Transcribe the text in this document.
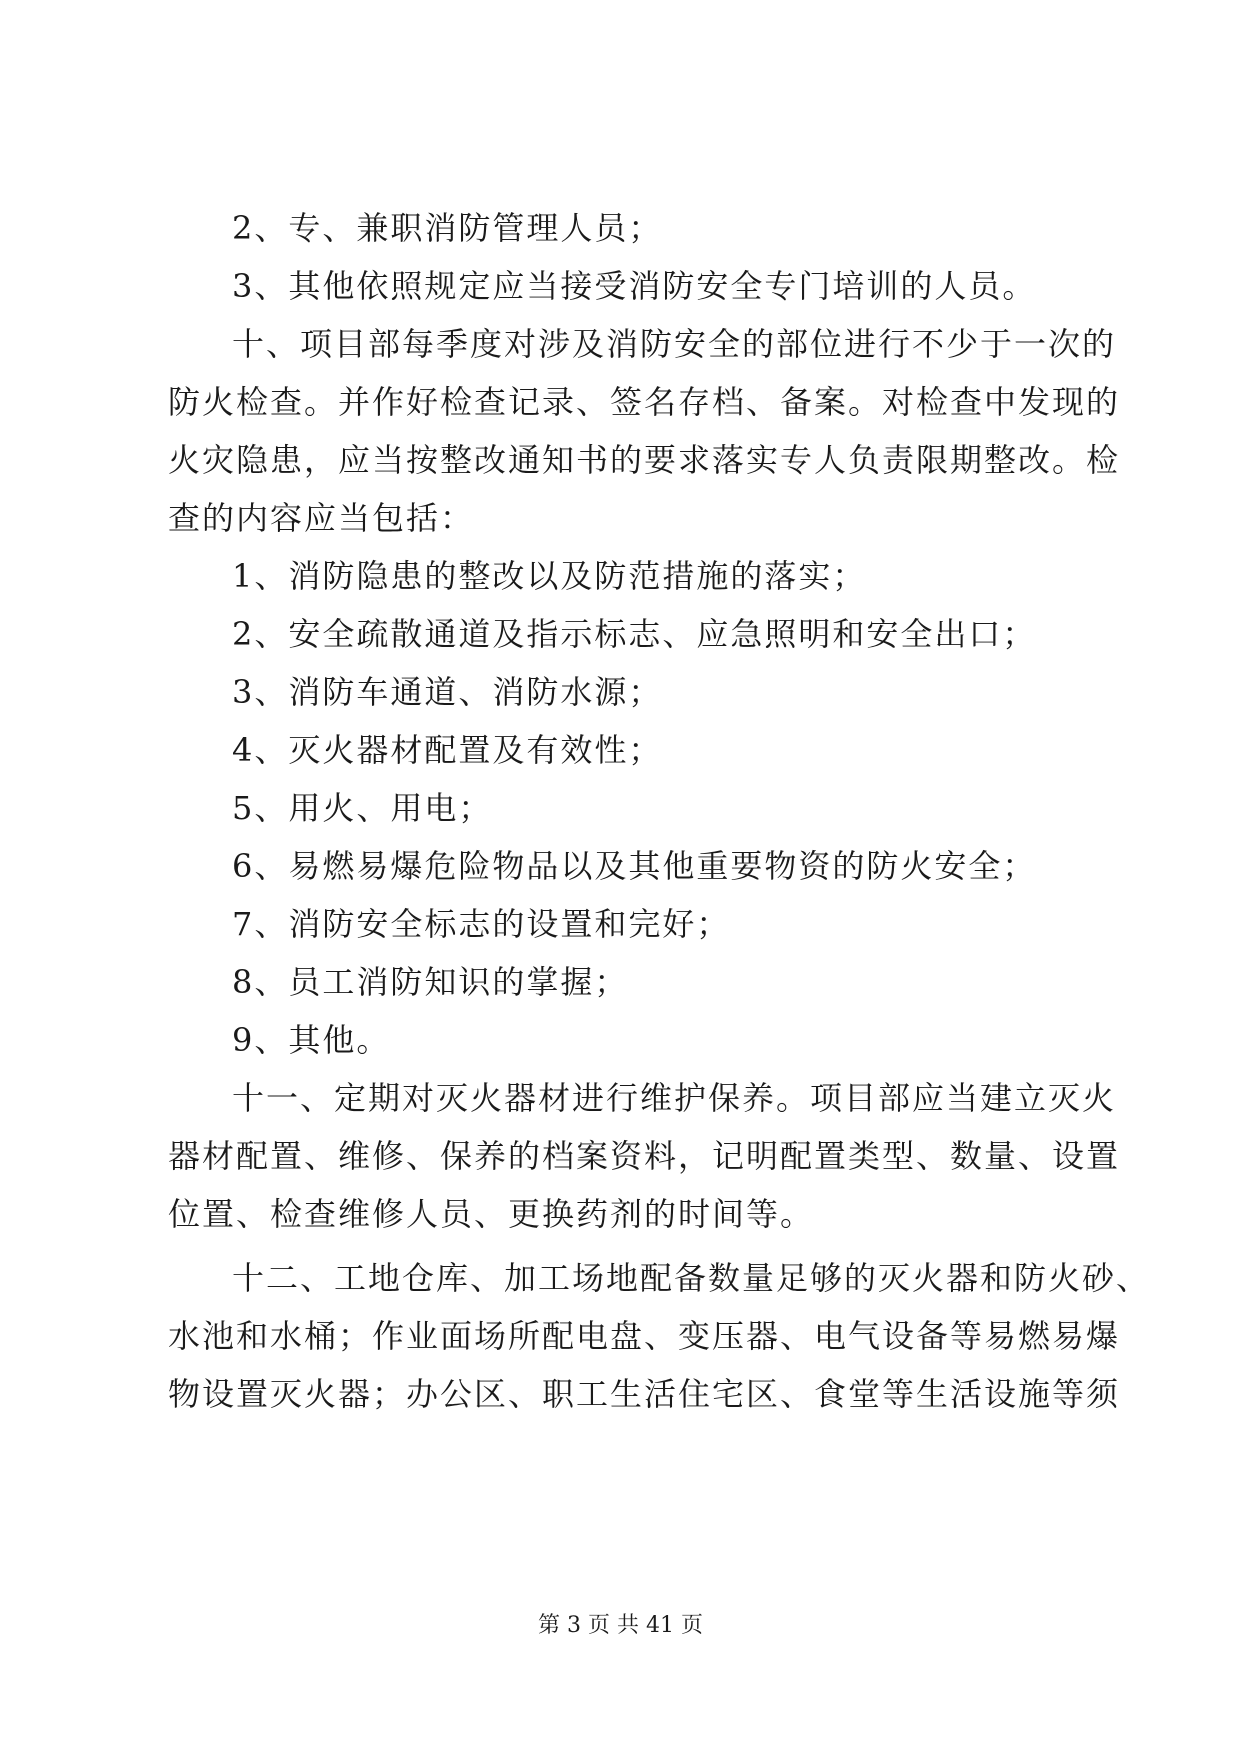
2、专、兼职消防管理人员；
3、其他依照规定应当接受消防安全专门培训的人员。
十、项目部每季度对涉及消防安全的部位进行不少于一次的
防火检查。并作好检查记录、签名存档、备案。对检查中发现的
火灾隐患，应当按整改通知书的要求落实专人负责限期整改。检
查的内容应当包括：
1、消防隐患的整改以及防范措施的落实；
2、安全疏散通道及指示标志、应急照明和安全出口；
3、消防车通道、消防水源；
4、灭火器材配置及有效性；
5、用火、用电；
6、易燃易爆危险物品以及其他重要物资的防火安全；
7、消防安全标志的设置和完好；
8、员工消防知识的掌握；
9、其他。
十一、定期对灭火器材进行维护保养。项目部应当建立灭火
器材配置、维修、保养的档案资料，记明配置类型、数量、设置
位置、检查维修人员、更换药剂的时间等。
十二、工地仓库、加工场地配备数量足够的灭火器和防火砂、
水池和水桶；作业面场所配电盘、变压器、电气设备等易燃易爆
物设置灭火器；办公区、职工生活住宅区、食堂等生活设施等须
第 3 页 共 41 页
